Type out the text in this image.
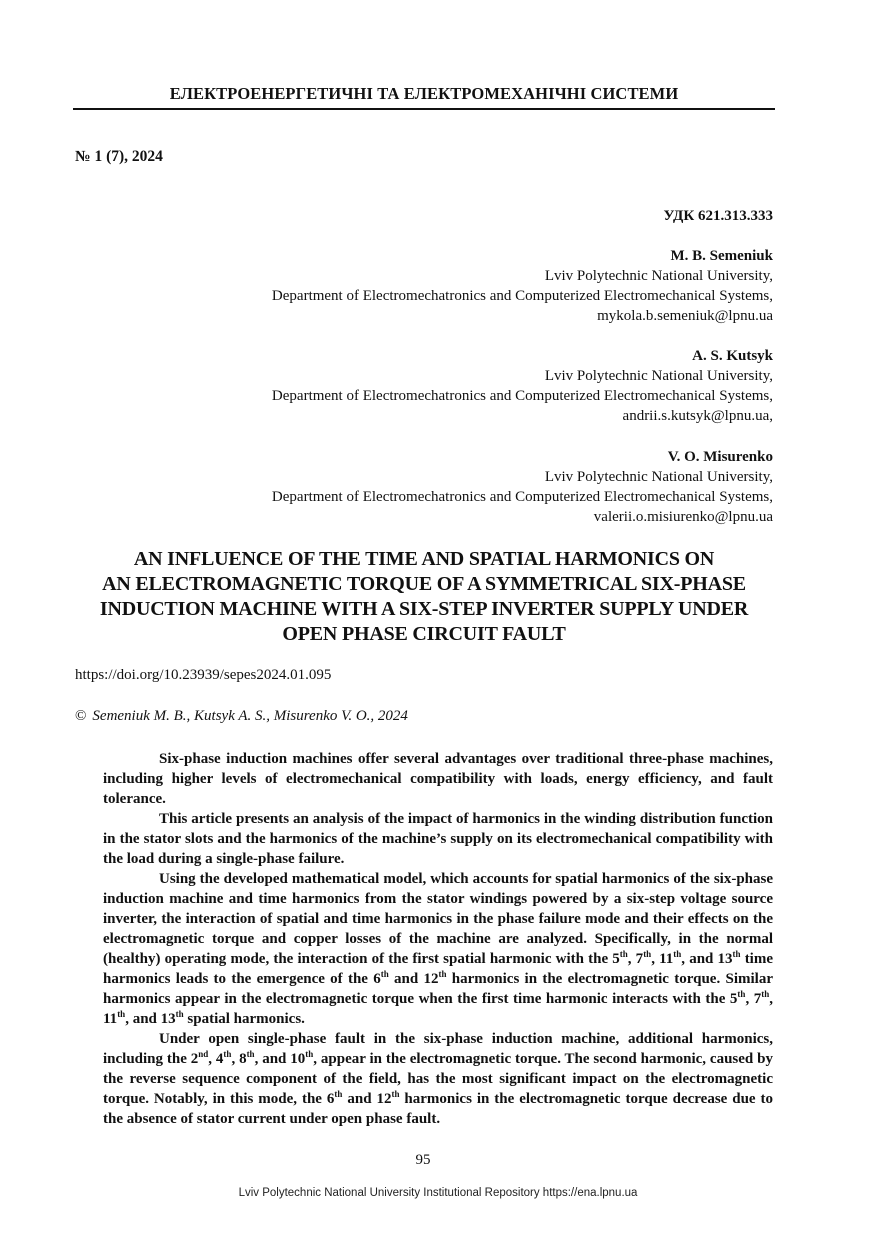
ЕЛЕКТРОЕНЕРГЕТИЧНІ ТА ЕЛЕКТРОМЕХАНІЧНІ СИСТЕМИ
№ 1 (7), 2024
УДК 621.313.333
M. B. Semeniuk
Lviv Polytechnic National University,
Department of Electromechatronics and Computerized Electromechanical Systems,
mykola.b.semeniuk@lpnu.ua
A. S. Kutsyk
Lviv Polytechnic National University,
Department of Electromechatronics and Computerized Electromechanical Systems,
andrii.s.kutsyk@lpnu.ua,
V. O. Misurenko
Lviv Polytechnic National University,
Department of Electromechatronics and Computerized Electromechanical Systems,
valerii.o.misiurenko@lpnu.ua
AN INFLUENCE OF THE TIME AND SPATIAL HARMONICS ON
AN ELECTROMAGNETIC TORQUE OF A SYMMETRICAL SIX-PHASE
INDUCTION MACHINE WITH A SIX-STEP INVERTER SUPPLY UNDER
OPEN PHASE CIRCUIT FAULT
https://doi.org/10.23939/sepes2024.01.095
© Semeniuk M. B., Kutsyk A. S., Misurenko V. O., 2024

Six-phase induction machines offer several advantages over traditional three-phase machines, including higher levels of electromechanical compatibility with loads, energy efficiency, and fault tolerance.

This article presents an analysis of the impact of harmonics in the winding distribution function in the stator slots and the harmonics of the machine’s supply on its electromechanical compatibility with the load during a single-phase failure.

Using the developed mathematical model, which accounts for spatial harmonics of the six-phase induction machine and time harmonics from the stator windings powered by a six-step voltage source inverter, the interaction of spatial and time harmonics in the phase failure mode and their effects on the electromagnetic torque and copper losses of the machine are analyzed. Specifically, in the normal (healthy) operating mode, the interaction of the first spatial harmonic with the 5th, 7th, 11th, and 13th time harmonics leads to the emergence of the 6th and 12th harmonics in the electromagnetic torque. Similar harmonics appear in the electromagnetic torque when the first time harmonic interacts with the 5th, 7th, 11th, and 13th spatial harmonics.

Under open single-phase fault in the six-phase induction machine, additional harmonics, including the 2nd, 4th, 8th, and 10th, appear in the electromagnetic torque. The second harmonic, caused by the reverse sequence component of the field, has the most significant impact on the electromagnetic torque. Notably, in this mode, the 6th and 12th harmonics in the electromagnetic torque decrease due to the absence of stator current under open phase fault.

95
Lviv Polytechnic National University Institutional Repository https://ena.lpnu.ua
